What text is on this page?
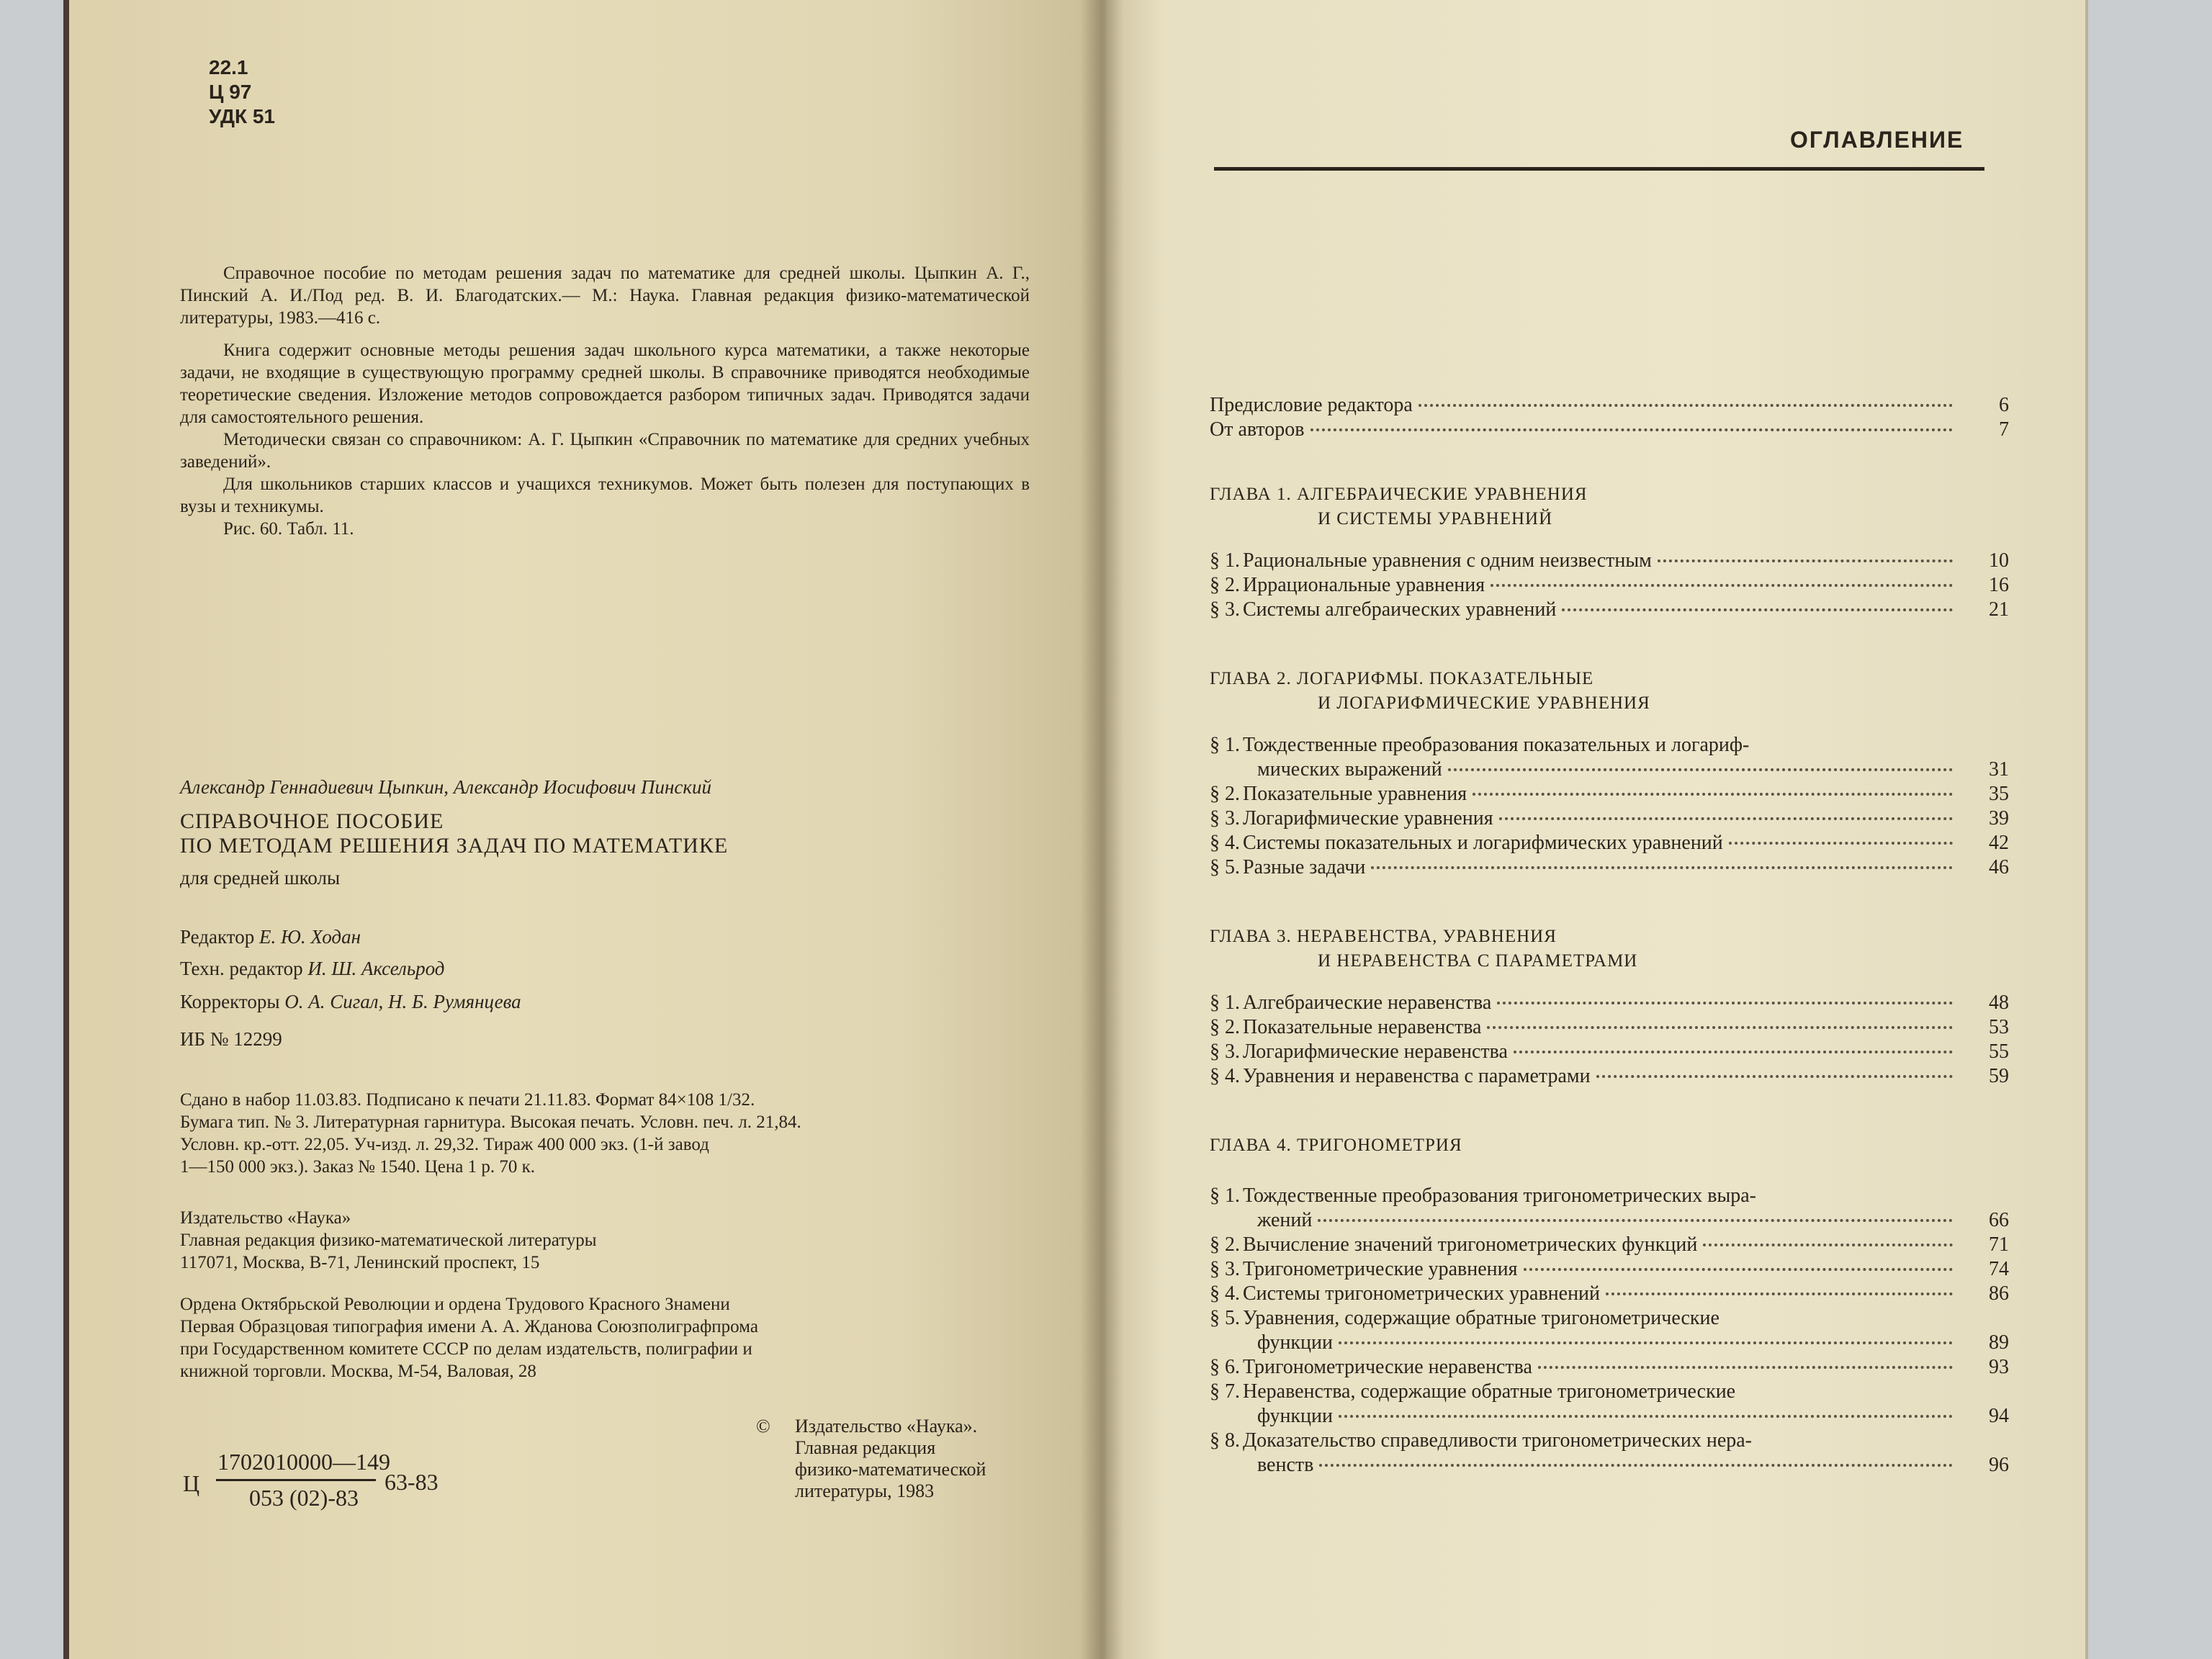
22.1
Ц 97
УДК 51

Справочное пособие по методам решения задач по математике для средней школы. Цыпкин А. Г., Пинский А. И./Под ред. В. И. Благодатских.— М.: Наука. Главная редакция физико-математической литературы, 1983.—416 с.

Книга содержит основные методы решения задач школьного курса математики, а также некоторые задачи, не входящие в существующую программу средней школы. В справочнике приводятся необходимые теоретические сведения. Изложение методов сопровождается разбором типичных задач. Приводятся задачи для самостоятельного решения.

Методически связан со справочником: А. Г. Цыпкин «Справочник по математике для средних учебных заведений».

Для школьников старших классов и учащихся техникумов. Может быть полезен для поступающих в вузы и техникумы.

Рис. 60. Табл. 11.

Александр Геннадиевич Цыпкин, Александр Иосифович Пинский
СПРАВОЧНОЕ ПОСОБИЕ
ПО МЕТОДАМ РЕШЕНИЯ ЗАДАЧ ПО МАТЕМАТИКЕ
для средней школы
Редактор Е. Ю. Ходан
Техн. редактор И. Ш. Аксельрод
Корректоры О. А. Сигал, Н. Б. Румянцева
ИБ № 12299
Сдано в набор 11.03.83. Подписано к печати 21.11.83. Формат 84×108 1/32.
Бумага тип. № 3. Литературная гарнитура. Высокая печать. Условн. печ. л. 21,84.
Условн. кр.-отт. 22,05. Уч-изд. л. 29,32. Тираж 400 000 экз. (1-й завод
1—150 000 экз.). Заказ № 1540. Цена 1 р. 70 к.
Издательство «Наука»
Главная редакция физико-математической литературы
117071, Москва, В-71, Ленинский проспект, 15
Ордена Октябрьской Революции и ордена Трудового Красного Знамени
Первая Образцовая типография имени А. А. Жданова Союзполиграфпрома
при Государственном комитете СССР по делам издательств, полиграфии и
книжной торговли. Москва, М-54, Валовая, 28
Ц
1702010000—149
053 (02)-83
63-83
© Издательство «Наука».
Главная редакция
физико-математической
литературы, 1983
ОГЛАВЛЕНИЕ
Предисловие редактора	6
От авторов	7
ГЛАВА 1. АЛГЕБРАИЧЕСКИЕ УРАВНЕНИЯ
И СИСТЕМЫ УРАВНЕНИЙ
§ 1. Рациональные уравнения с одним неизвестным	10
§ 2. Иррациональные уравнения	16
§ 3. Системы алгебраических уравнений	21
ГЛАВА 2. ЛОГАРИФМЫ. ПОКАЗАТЕЛЬНЫЕ
И ЛОГАРИФМИЧЕСКИЕ УРАВНЕНИЯ
§ 1. Тождественные преобразования показательных и логариф-
мических выражений	31
§ 2. Показательные уравнения	35
§ 3. Логарифмические уравнения	39
§ 4. Системы показательных и логарифмических уравнений	42
§ 5. Разные задачи	46
ГЛАВА 3. НЕРАВЕНСТВА, УРАВНЕНИЯ
И НЕРАВЕНСТВА С ПАРАМЕТРАМИ
§ 1. Алгебраические неравенства	48
§ 2. Показательные неравенства	53
§ 3. Логарифмические неравенства	55
§ 4. Уравнения и неравенства с параметрами	59
ГЛАВА 4. ТРИГОНОМЕТРИЯ
§ 1. Тождественные преобразования тригонометрических выра-
жений	66
§ 2. Вычисление значений тригонометрических функций	71
§ 3. Тригонометрические уравнения	74
§ 4. Системы тригонометрических уравнений	86
§ 5. Уравнения, содержащие обратные тригонометрические
функции	89
§ 6. Тригонометрические неравенства	93
§ 7. Неравенства, содержащие обратные тригонометрические
функции	94
§ 8. Доказательство справедливости тригонометрических нера-
венств	96
